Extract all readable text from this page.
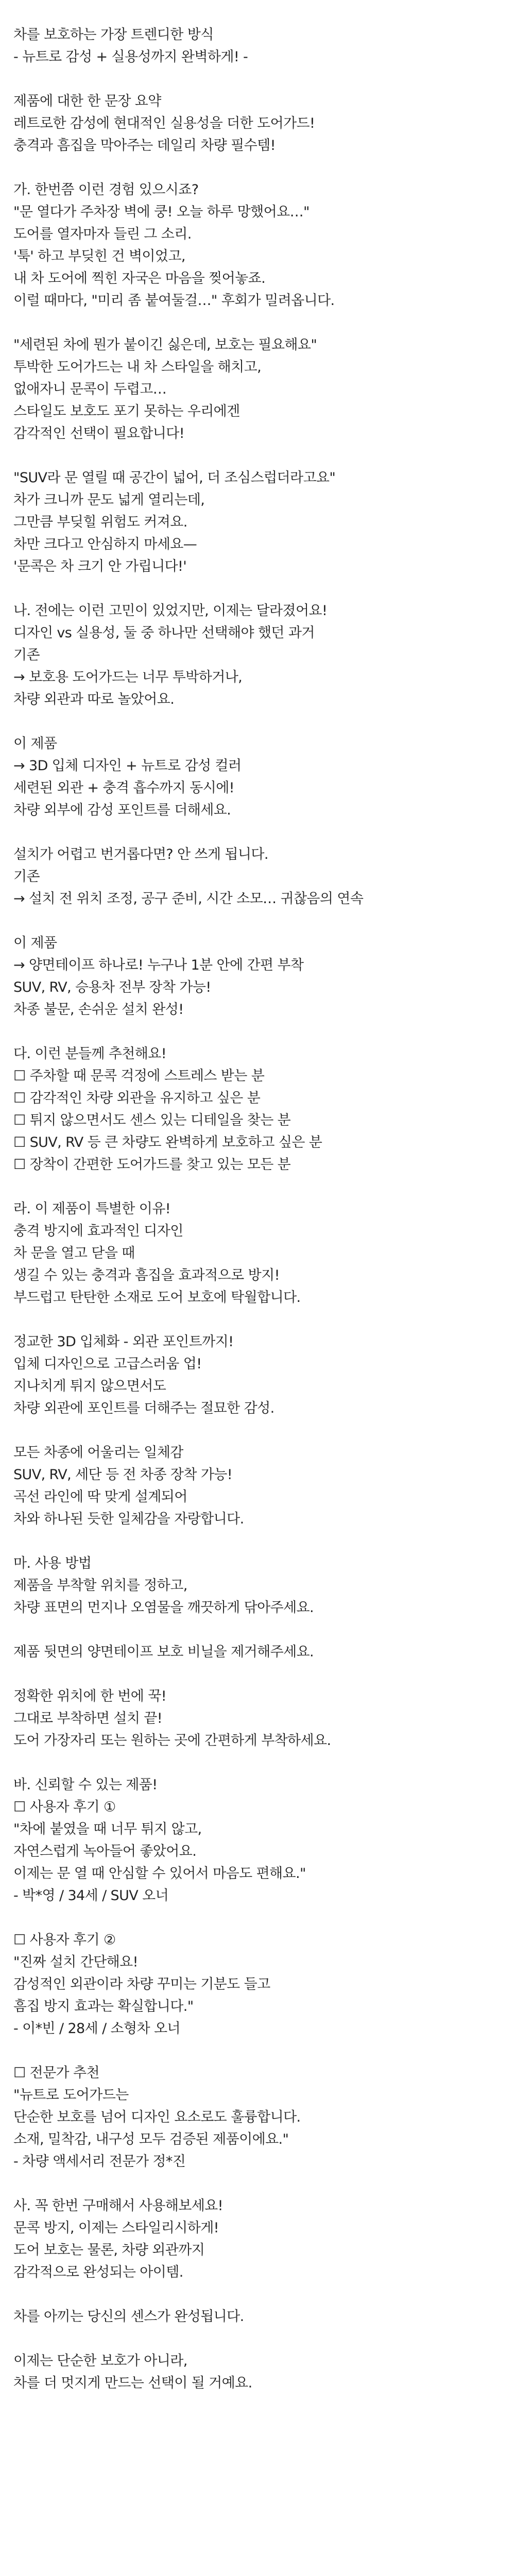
차를 보호하는 가장 트렌디한 방식
- 뉴트로 감성 + 실용성까지 완벽하게! -
제품에 대한 한 문장 요약
레트로한 감성에 현대적인 실용성을 더한 도어가드!
충격과 흠집을 막아주는 데일리 차량 필수템!
가. 한번쯤 이런 경험 있으시죠?
"문 열다가 주차장 벽에 쿵! 오늘 하루 망했어요…"
도어를 열자마자 들린 그 소리.
'툭' 하고 부딪힌 건 벽이었고,
내 차 도어에 찍힌 자국은 마음을 찢어놓죠.
이럴 때마다, "미리 좀 붙여둘걸…" 후회가 밀려옵니다.
"세련된 차에 뭔가 붙이긴 싫은데, 보호는 필요해요"
투박한 도어가드는 내 차 스타일을 해치고,
없애자니 문콕이 두렵고…
스타일도 보호도 포기 못하는 우리에겐
감각적인 선택이 필요합니다!
"SUV라 문 열릴 때 공간이 넓어, 더 조심스럽더라고요"
차가 크니까 문도 넓게 열리는데,
그만큼 부딪힐 위험도 커져요.
차만 크다고 안심하지 마세요—
'문콕은 차 크기 안 가립니다!'
나. 전에는 이런 고민이 있었지만, 이제는 달라졌어요!
디자인 vs 실용성, 둘 중 하나만 선택해야 했던 과거
기존
→ 보호용 도어가드는 너무 투박하거나,
차량 외관과 따로 놀았어요.
이 제품
→ 3D 입체 디자인 + 뉴트로 감성 컬러
세련된 외관 + 충격 흡수까지 동시에!
차량 외부에 감성 포인트를 더해세요.
설치가 어렵고 번거롭다면? 안 쓰게 됩니다.
기존
→ 설치 전 위치 조정, 공구 준비, 시간 소모… 귀찮음의 연속
이 제품
→ 양면테이프 하나로! 누구나 1분 안에 간편 부착
SUV, RV, 승용차 전부 장착 가능!
차종 불문, 손쉬운 설치 완성!
다. 이런 분들께 추천해요!
☐ 주차할 때 문콕 걱정에 스트레스 받는 분
☐ 감각적인 차량 외관을 유지하고 싶은 분
☐ 튀지 않으면서도 센스 있는 디테일을 찾는 분
☐ SUV, RV 등 큰 차량도 완벽하게 보호하고 싶은 분
☐ 장착이 간편한 도어가드를 찾고 있는 모든 분
라. 이 제품이 특별한 이유!
충격 방지에 효과적인 디자인
차 문을 열고 닫을 때
생길 수 있는 충격과 흠집을 효과적으로 방지!
부드럽고 탄탄한 소재로 도어 보호에 탁월합니다.
정교한 3D 입체화 - 외관 포인트까지!
입체 디자인으로 고급스러움 업!
지나치게 튀지 않으면서도
차량 외관에 포인트를 더해주는 절묘한 감성.
모든 차종에 어울리는 일체감
SUV, RV, 세단 등 전 차종 장착 가능!
곡선 라인에 딱 맞게 설계되어
차와 하나된 듯한 일체감을 자랑합니다.
마. 사용 방법
제품을 부착할 위치를 정하고,
차량 표면의 먼지나 오염물을 깨끗하게 닦아주세요.
제품 뒷면의 양면테이프 보호 비닐을 제거해주세요.
정확한 위치에 한 번에 꾹!
그대로 부착하면 설치 끝!
도어 가장자리 또는 원하는 곳에 간편하게 부착하세요.
바. 신뢰할 수 있는 제품!
☐ 사용자 후기 ①
"차에 붙였을 때 너무 튀지 않고,
자연스럽게 녹아들어 좋았어요.
이제는 문 열 때 안심할 수 있어서 마음도 편해요."
- 박*영 / 34세 / SUV 오너
☐ 사용자 후기 ②
"진짜 설치 간단해요!
감성적인 외관이라 차량 꾸미는 기분도 들고
흠집 방지 효과는 확실합니다."
- 이*빈 / 28세 / 소형차 오너
☐ 전문가 추천
"뉴트로 도어가드는
단순한 보호를 넘어 디자인 요소로도 훌륭합니다.
소재, 밀착감, 내구성 모두 검증된 제품이에요."
- 차량 액세서리 전문가 정*진
사. 꼭 한번 구매해서 사용해보세요!
문콕 방지, 이제는 스타일리시하게!
도어 보호는 물론, 차량 외관까지
감각적으로 완성되는 아이템.
차를 아끼는 당신의 센스가 완성됩니다.
이제는 단순한 보호가 아니라,
차를 더 멋지게 만드는 선택이 될 거예요.
